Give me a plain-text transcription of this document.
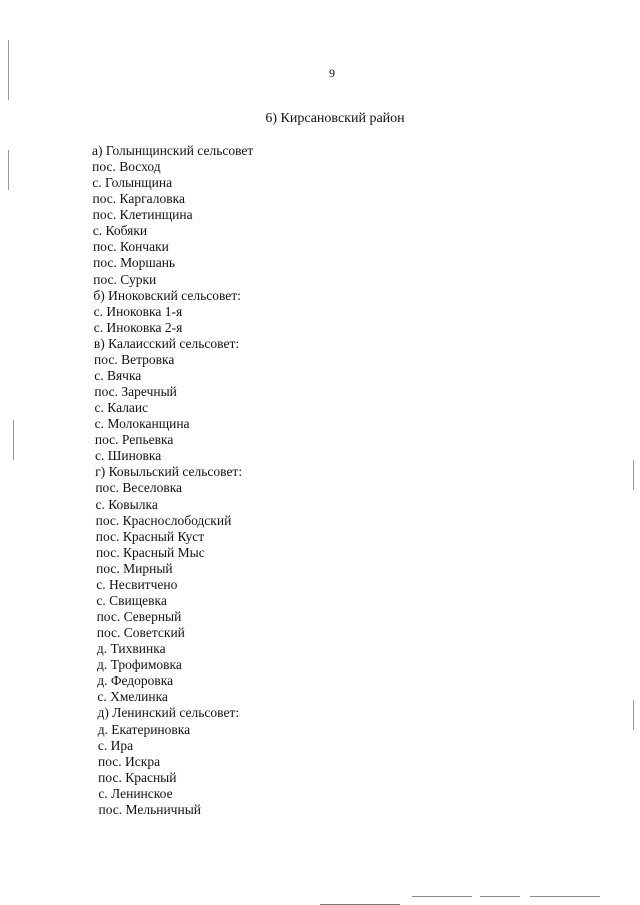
9
6) Кирсановский район
а) Голынщинский сельсовет
пос. Восход
с. Голынщина
пос. Каргаловка
пос. Клетинщина
с. Кобяки
пос. Кончаки
пос. Моршань
пос. Сурки
б) Иноковский сельсовет:
с. Иноковка 1-я
с. Иноковка 2-я
в) Калаисский сельсовет:
пос. Ветровка
с. Вячка
пос. Заречный
с. Калаис
с. Молоканщина
пос. Репьевка
с. Шиновка
г) Ковыльский сельсовет:
пос. Веселовка
с. Ковылка
пос. Краснослободский
пос. Красный Куст
пос. Красный Мыс
пос. Мирный
с. Несвитчено
с. Свищевка
пос. Северный
пос. Советский
д. Тихвинка
д. Трофимовка
д. Федоровка
с. Хмелинка
д) Ленинский сельсовет:
д. Екатериновка
с. Ира
пос. Искра
пос. Красный
с. Ленинское
пос. Мельничный
